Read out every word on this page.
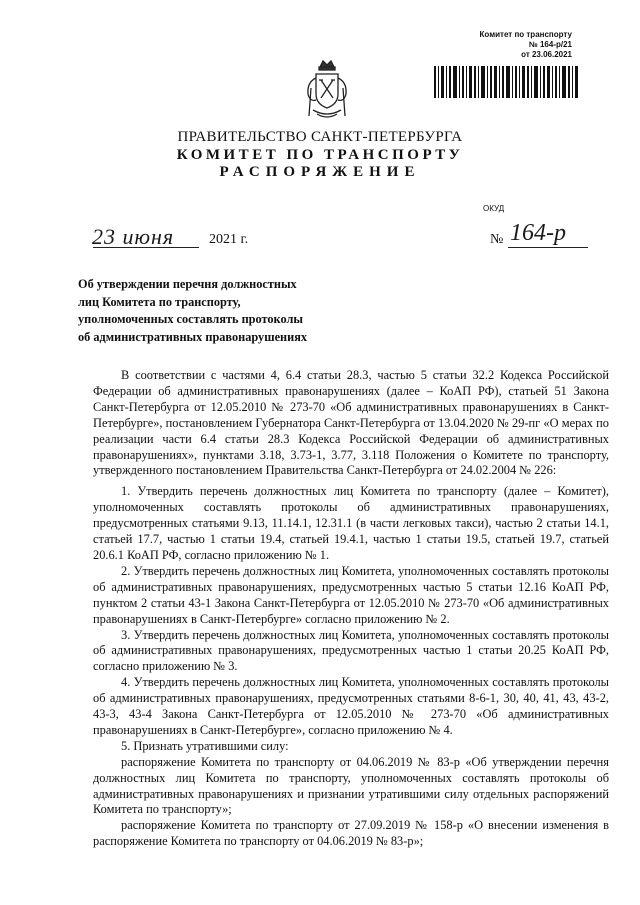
Комитет по транспорту
№ 164-р/21
от 23.06.2021
ПРАВИТЕЛЬСТВО САНКТ-ПЕТЕРБУРГА
КОМИТЕТ ПО ТРАНСПОРТУ
РАСПОРЯЖЕНИЕ
ОКУД
23 июня 2021 г.	№ 164-р
Об утверждении перечня должностных
лиц Комитета по транспорту,
уполномоченных составлять протоколы
об административных правонарушениях

В соответствии с частями 4, 6.4 статьи 28.3, частью 5 статьи 32.2 Кодекса Российской Федерации об административных правонарушениях (далее – КоАП РФ), статьей 51 Закона Санкт-Петербурга от 12.05.2010 № 273-70 «Об административных правонарушениях в Санкт-Петербурге», постановлением Губернатора Санкт-Петербурга от 13.04.2020 № 29-пг «О мерах по реализации части 6.4 статьи 28.3 Кодекса Российской Федерации об административных правонарушениях», пунктами 3.18, 3.73-1, 3.77, 3.118 Положения о Комитете по транспорту, утвержденного постановлением Правительства Санкт-Петербурга от 24.02.2004 № 226:

1. Утвердить перечень должностных лиц Комитета по транспорту (далее – Комитет), уполномоченных составлять протоколы об административных правонарушениях, предусмотренных статьями 9.13, 11.14.1, 12.31.1 (в части легковых такси), частью 2 статьи 14.1, статьей 17.7, частью 1 статьи 19.4, статьей 19.4.1, частью 1 статьи 19.5, статьей 19.7, статьей 20.6.1 КоАП РФ, согласно приложению № 1.

2. Утвердить перечень должностных лиц Комитета, уполномоченных составлять протоколы об административных правонарушениях, предусмотренных частью 5 статьи 12.16 КоАП РФ, пунктом 2 статьи 43-1 Закона Санкт-Петербурга от 12.05.2010 № 273-70 «Об административных правонарушениях в Санкт-Петербурге» согласно приложению № 2.

3. Утвердить перечень должностных лиц Комитета, уполномоченных составлять протоколы об административных правонарушениях, предусмотренных частью 1 статьи 20.25 КоАП РФ, согласно приложению № 3.

4. Утвердить перечень должностных лиц Комитета, уполномоченных составлять протоколы об административных правонарушениях, предусмотренных статьями 8-6-1, 30, 40, 41, 43, 43-2, 43-3, 43-4 Закона Санкт-Петербурга от 12.05.2010 № 273-70 «Об административных правонарушениях в Санкт-Петербурге», согласно приложению № 4.

5. Признать утратившими силу:

распоряжение Комитета по транспорту от 04.06.2019 № 83-р «Об утверждении перечня должностных лиц Комитета по транспорту, уполномоченных составлять протоколы об административных правонарушениях и признании утратившими силу отдельных распоряжений Комитета по транспорту»;

распоряжение Комитета по транспорту от 27.09.2019 № 158-р «О внесении изменения в распоряжение Комитета по транспорту от 04.06.2019 № 83-р»;
